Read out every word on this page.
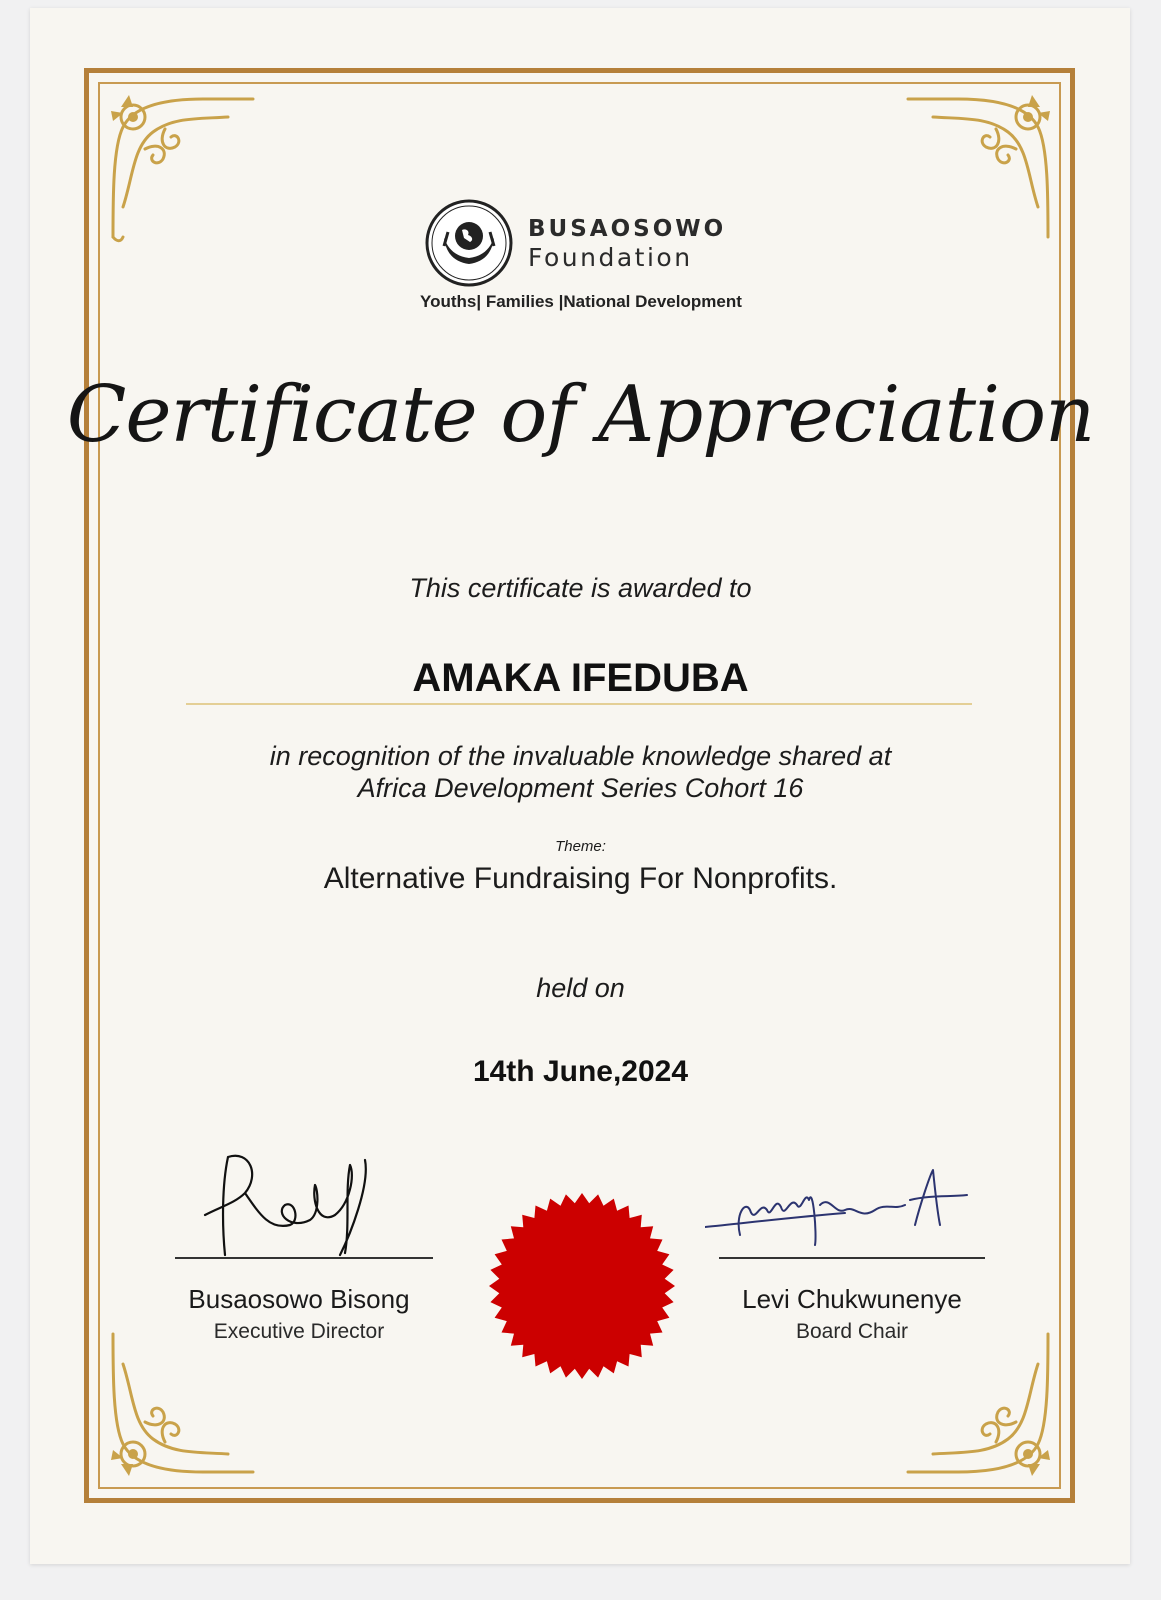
BUSAOSOWO
Foundation
Youths| Families |National Development
Certificate of Appreciation
This certificate is awarded to
AMAKA IFEDUBA
in recognition of the invaluable knowledge shared at
Africa Development Series Cohort 16
Theme:
Alternative Fundraising For Nonprofits.
held on
14th June,2024
Busaosowo Bisong
Executive Director
Levi Chukwunenye
Board Chair
